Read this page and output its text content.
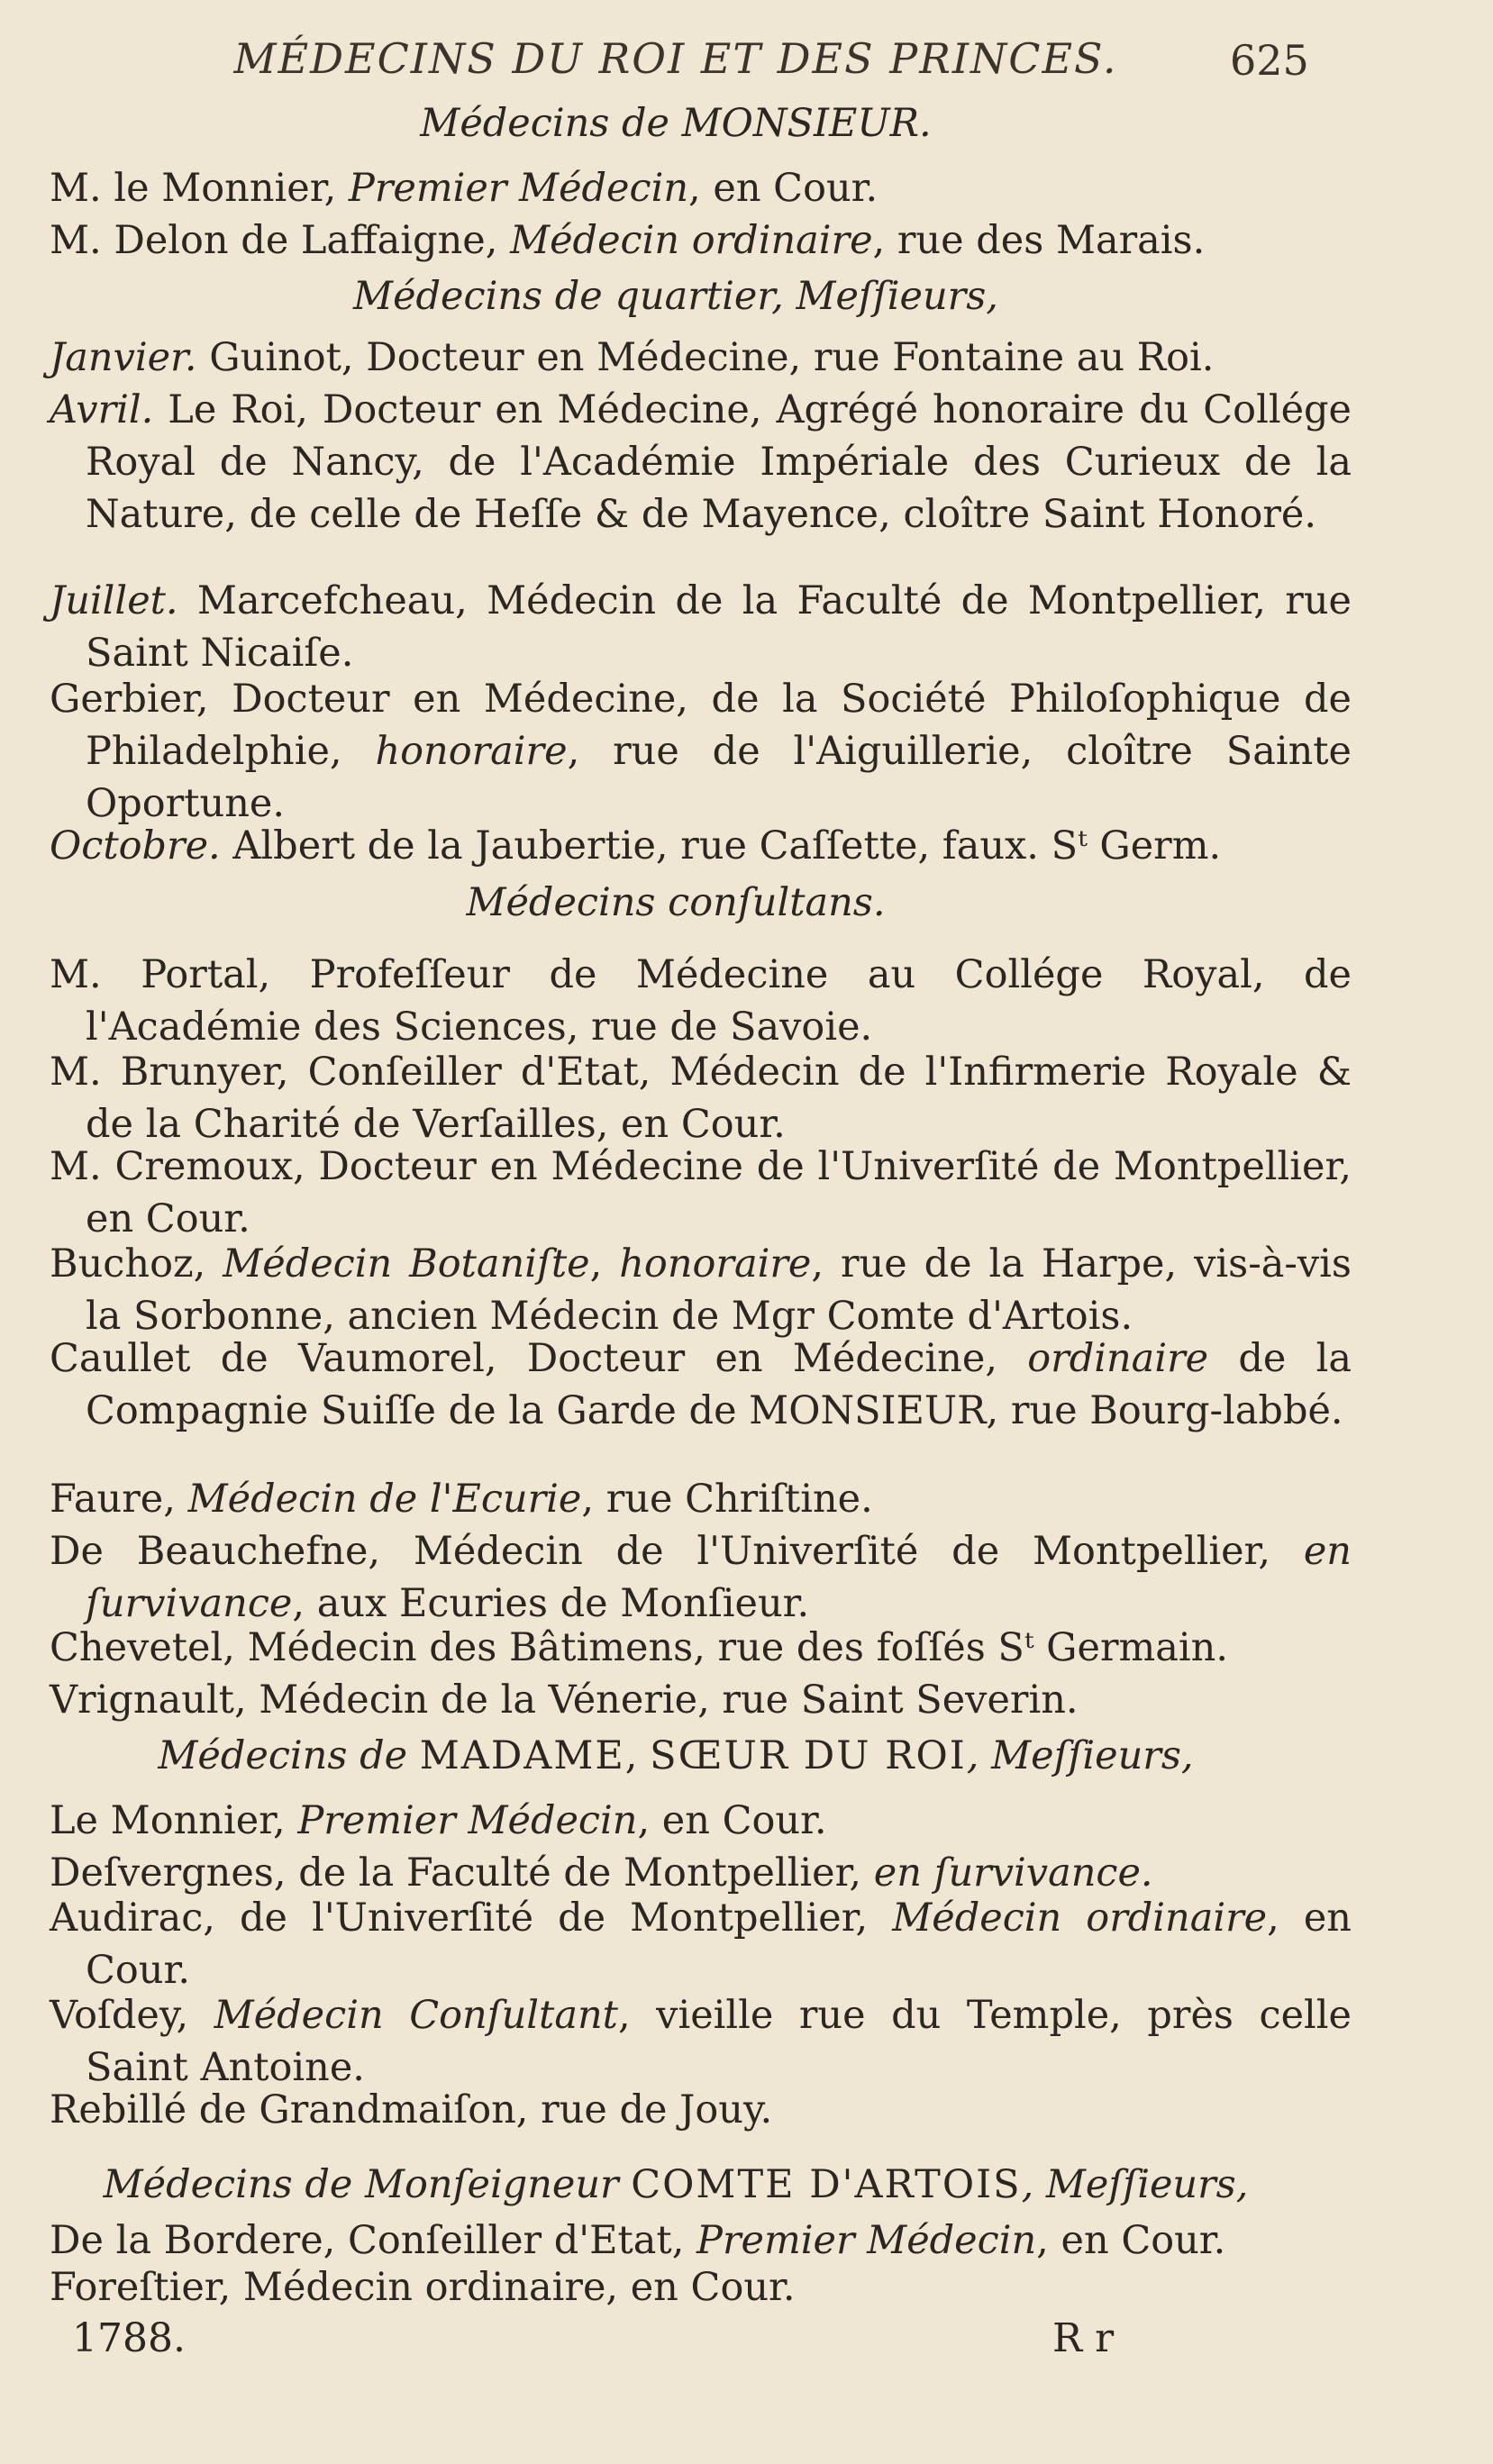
MÉDECINS DU ROI ET DES PRINCES.	625
Médecins de MONSIEUR.
M. le Monnier, Premier Médecin, en Cour.
M. Delon de Laffaigne, Médecin ordinaire, rue des Marais.
Médecins de quartier, Meſſieurs,
Janvier. Guinot, Docteur en Médecine, rue Fontaine au Roi.
Avril. Le Roi, Docteur en Médecine, Agrégé honoraire du Collége Royal de Nancy, de l'Académie Impériale des Curieux de la Nature, de celle de Heſſe & de Mayence, cloître Saint Honoré.
Juillet. Marcefcheau, Médecin de la Faculté de Montpellier, rue Saint Nicaiſe.
Gerbier, Docteur en Médecine, de la Société Philoſophique de Philadelphie, honoraire, rue de l'Aiguillerie, cloître Sainte Oportune.
Octobre. Albert de la Jaubertie, rue Caſſette, faux. Sᵗ Germ.
Médecins conſultans.
M. Portal, Profeſſeur de Médecine au Collége Royal, de l'Académie des Sciences, rue de Savoie.
M. Brunyer, Conſeiller d'Etat, Médecin de l'Infirmerie Royale & de la Charité de Verſailles, en Cour.
M. Cremoux, Docteur en Médecine de l'Univerſité de Montpellier, en Cour.
Buchoz, Médecin Botaniſte, honoraire, rue de la Harpe, vis-à-vis la Sorbonne, ancien Médecin de Mgr Comte d'Artois.
Caullet de Vaumorel, Docteur en Médecine, ordinaire de la Compagnie Suiſſe de la Garde de MONSIEUR, rue Bourg-labbé.
Faure, Médecin de l'Ecurie, rue Chriſtine.
De Beauchefne, Médecin de l'Univerſité de Montpellier, en ſurvivance, aux Ecuries de Monſieur.
Chevetel, Médecin des Bâtimens, rue des foſſés Sᵗ Germain.
Vrignault, Médecin de la Vénerie, rue Saint Severin.
Médecins de MADAME, SŒUR DU ROI, Meſſieurs,
Le Monnier, Premier Médecin, en Cour.
Deſvergnes, de la Faculté de Montpellier, en ſurvivance.
Audirac, de l'Univerſité de Montpellier, Médecin ordinaire, en Cour.
Voſdey, Médecin Conſultant, vieille rue du Temple, près celle Saint Antoine.
Rebillé de Grandmaiſon, rue de Jouy.
Médecins de Monſeigneur COMTE D'ARTOIS, Meſſieurs,
De la Bordere, Conſeiller d'Etat, Premier Médecin, en Cour.
Foreſtier, Médecin ordinaire, en Cour.
1788.	R r
